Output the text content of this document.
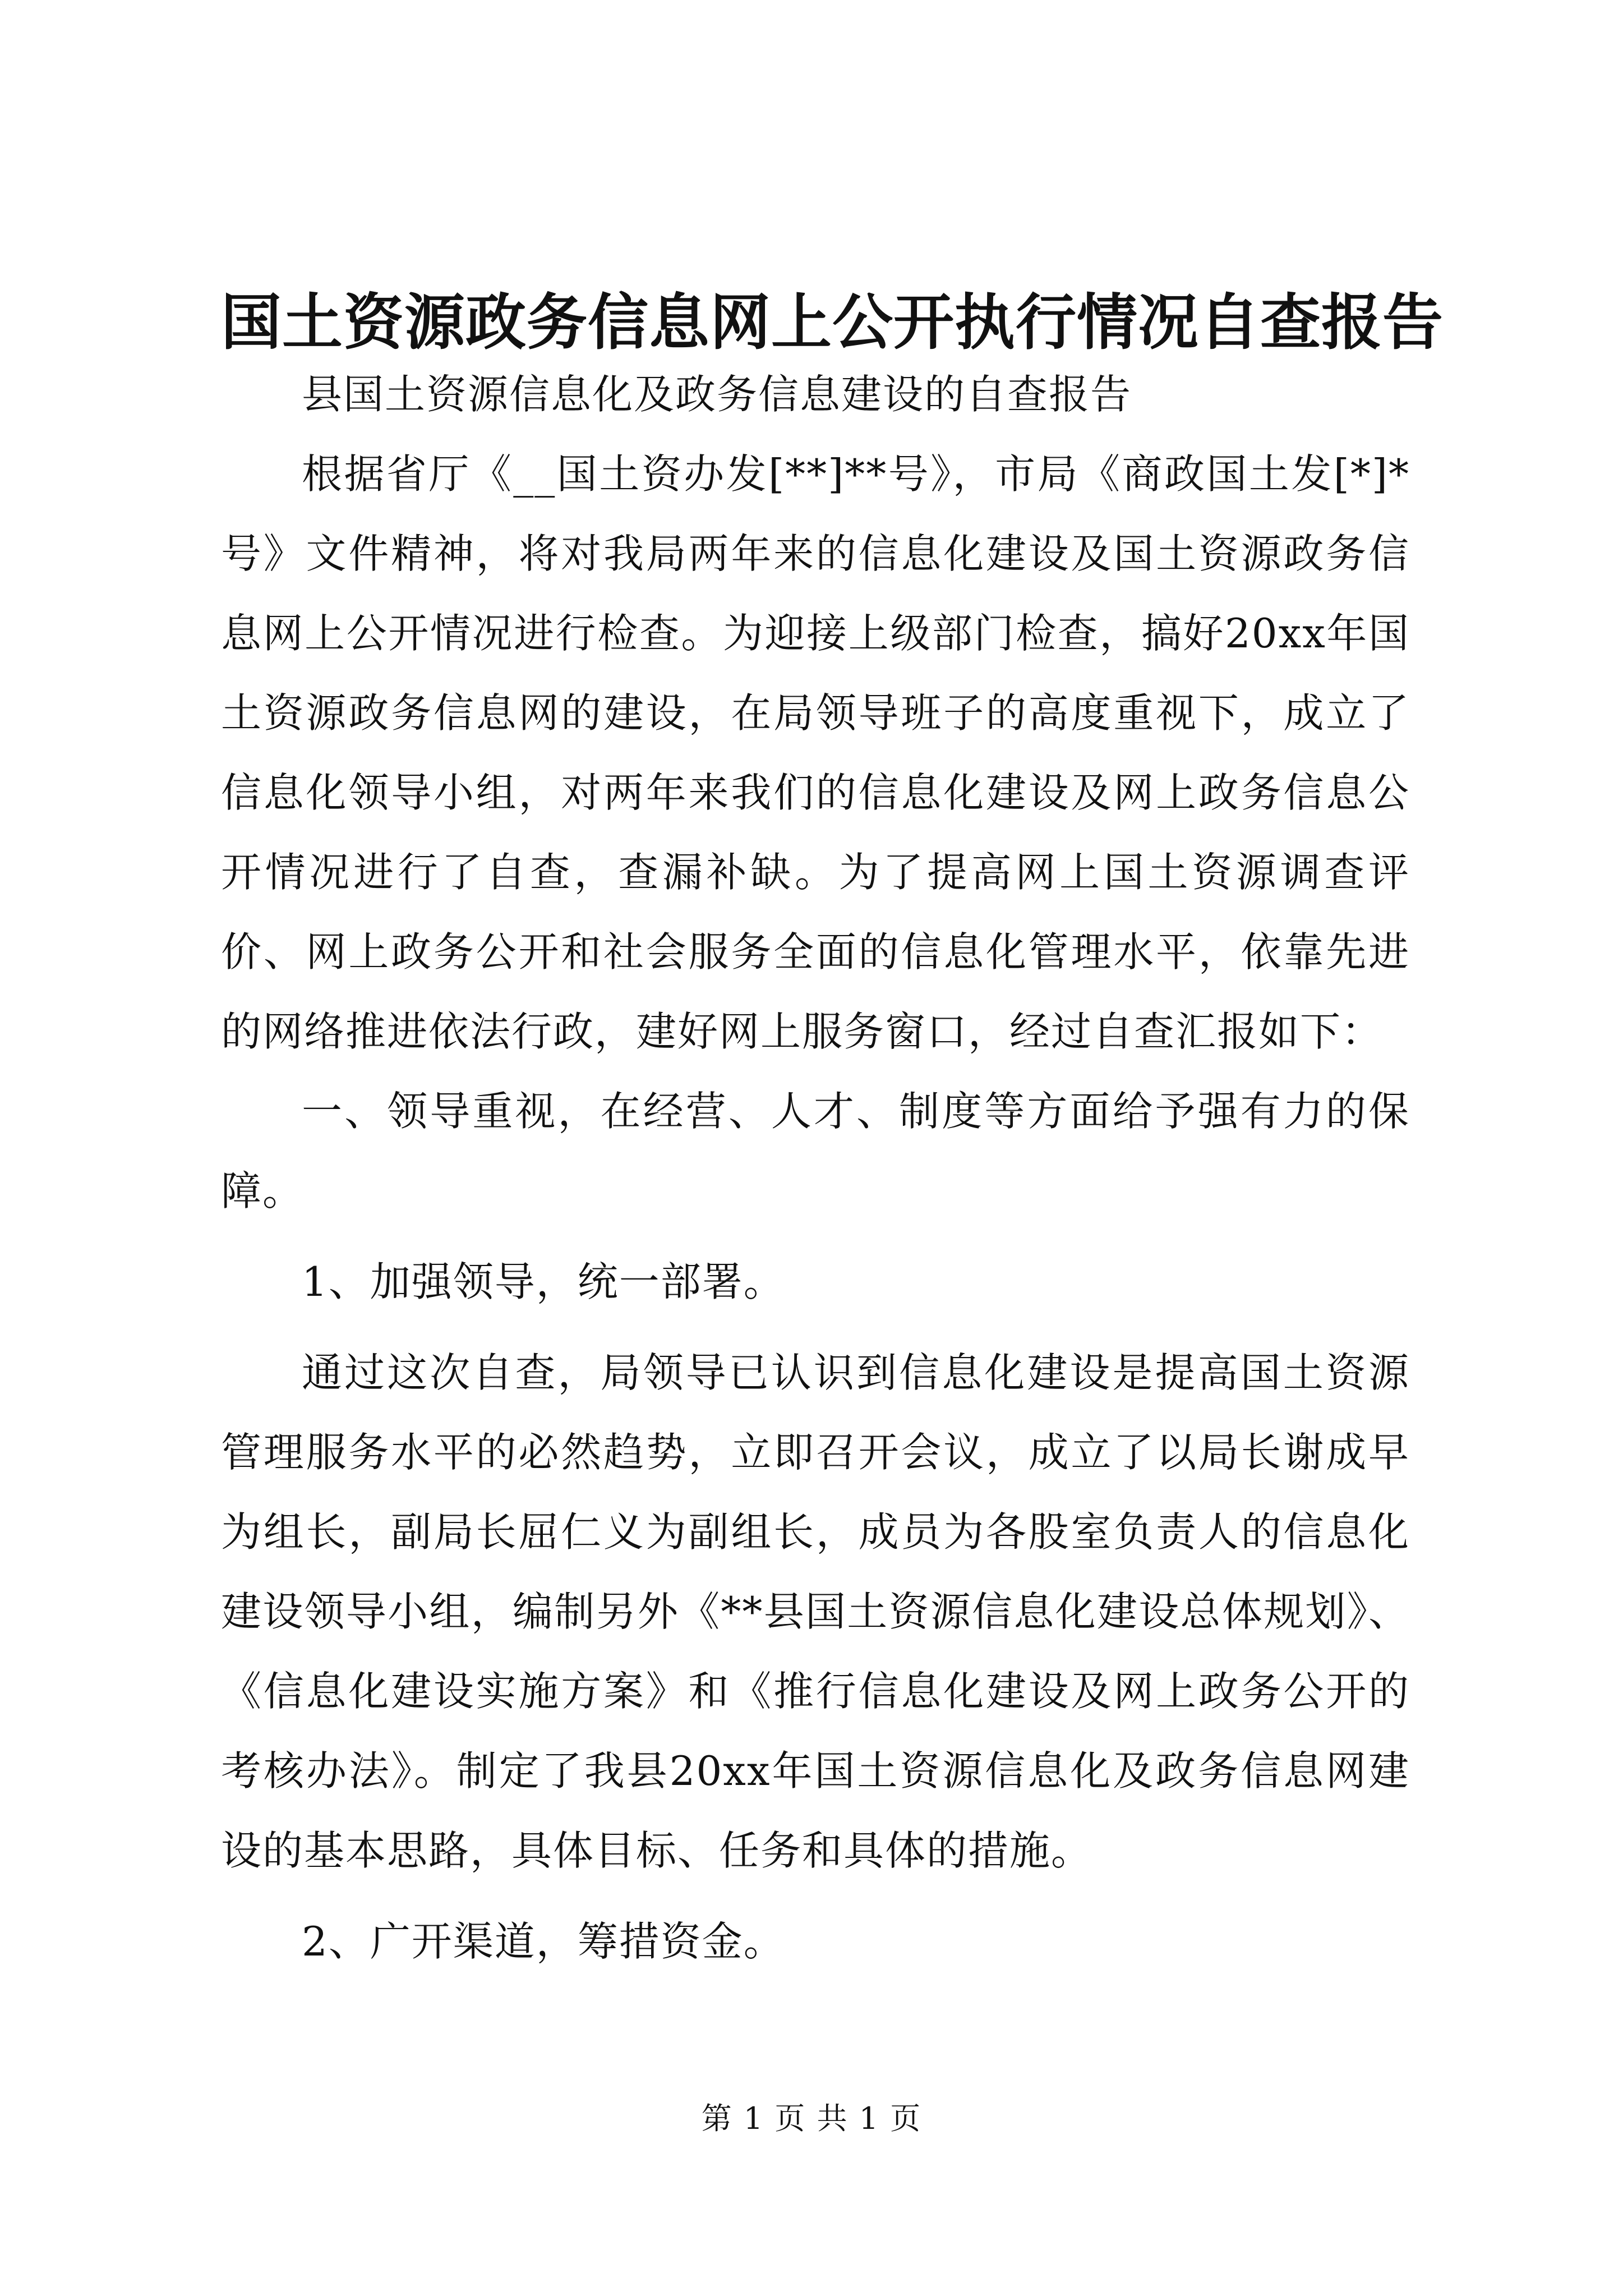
国土资源政务信息网上公开执行情况自查报告

县国土资源信息化及政务信息建设的自查报告

根据省厅《__国土资办发[**]**号》，市局《商政国土发[*]*号》文件精神，将对我局两年来的信息化建设及国土资源政务信息网上公开情况进行检查。为迎接上级部门检查，搞好20xx年国土资源政务信息网的建设，在局领导班子的高度重视下，成立了信息化领导小组，对两年来我们的信息化建设及网上政务信息公开情况进行了自查，查漏补缺。为了提高网上国土资源调查评价、网上政务公开和社会服务全面的信息化管理水平，依靠先进的网络推进依法行政，建好网上服务窗口，经过自查汇报如下：

一、领导重视，在经营、人才、制度等方面给予强有力的保障。

1、加强领导，统一部署。

通过这次自查，局领导已认识到信息化建设是提高国土资源管理服务水平的必然趋势，立即召开会议，成立了以局长谢成早为组长，副局长屈仁义为副组长，成员为各股室负责人的信息化建设领导小组，编制另外《**县国土资源信息化建设总体规划》、《信息化建设实施方案》和《推行信息化建设及网上政务公开的考核办法》。制定了我县20xx年国土资源信息化及政务信息网建设的基本思路，具体目标、任务和具体的措施。

2、广开渠道，筹措资金。

第 1 页 共 1 页
